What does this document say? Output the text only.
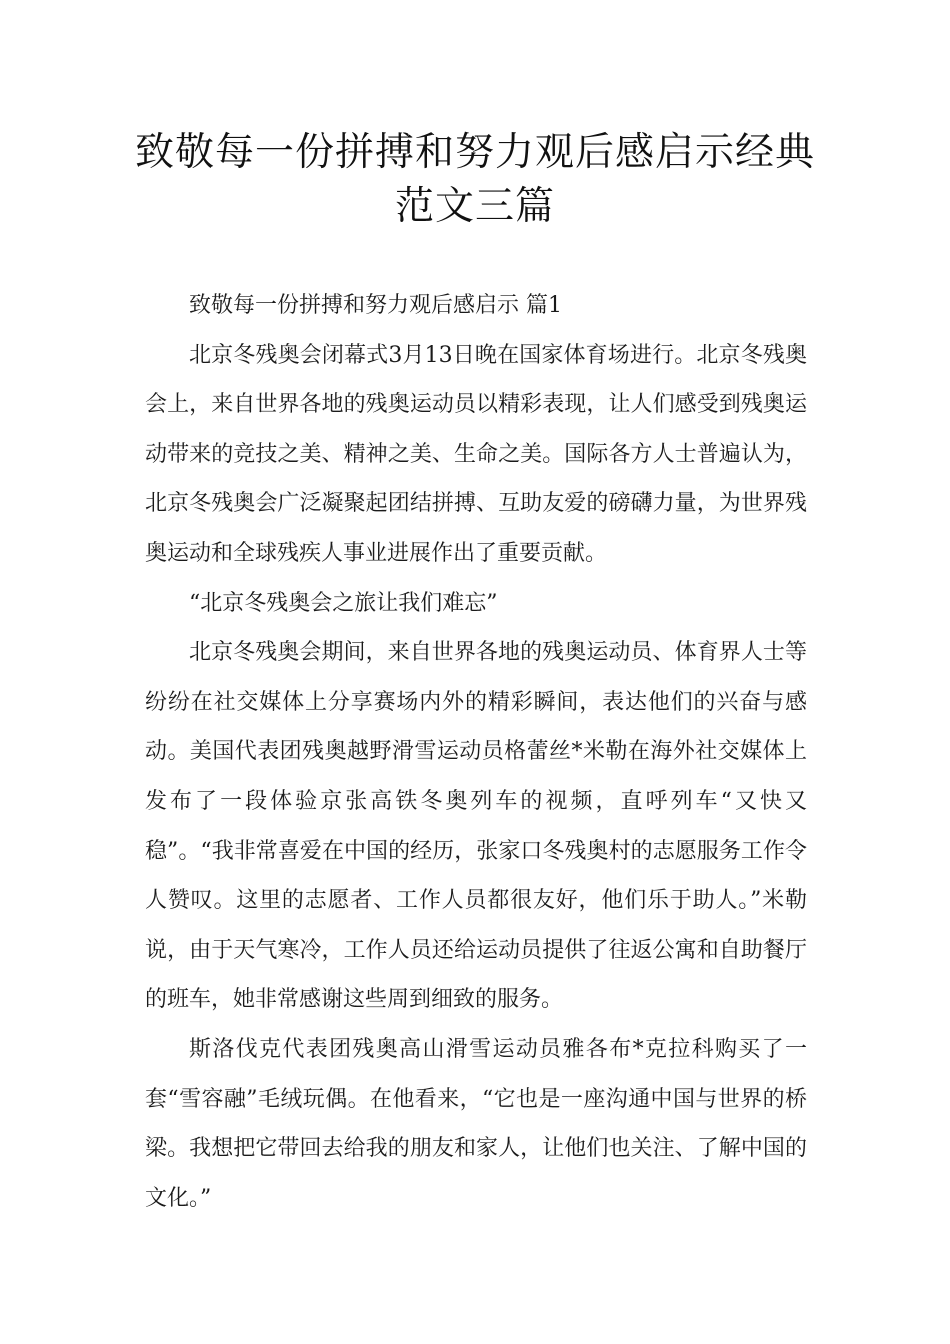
致敬每一份拼搏和努力观后感启示经典
范文三篇

致敬每一份拼搏和努力观后感启示 篇1

北京冬残奥会闭幕式3月13日晚在国家体育场进行。北京冬残奥会上，来自世界各地的残奥运动员以精彩表现，让人们感受到残奥运动带来的竞技之美、精神之美、生命之美。国际各方人士普遍认为，北京冬残奥会广泛凝聚起团结拼搏、互助友爱的磅礴力量，为世界残奥运动和全球残疾人事业进展作出了重要贡献。

“北京冬残奥会之旅让我们难忘”

北京冬残奥会期间，来自世界各地的残奥运动员、体育界人士等纷纷在社交媒体上分享赛场内外的精彩瞬间，表达他们的兴奋与感动。美国代表团残奥越野滑雪运动员格蕾丝*米勒在海外社交媒体上发布了一段体验京张高铁冬奥列车的视频，直呼列车“又快又稳”。“我非常喜爱在中国的经历，张家口冬残奥村的志愿服务工作令人赞叹。这里的志愿者、工作人员都很友好，他们乐于助人。”米勒说，由于天气寒冷，工作人员还给运动员提供了往返公寓和自助餐厅的班车，她非常感谢这些周到细致的服务。

斯洛伐克代表团残奥高山滑雪运动员雅各布*克拉科购买了一套“雪容融”毛绒玩偶。在他看来，“它也是一座沟通中国与世界的桥梁。我想把它带回去给我的朋友和家人，让他们也关注、了解中国的文化。”
